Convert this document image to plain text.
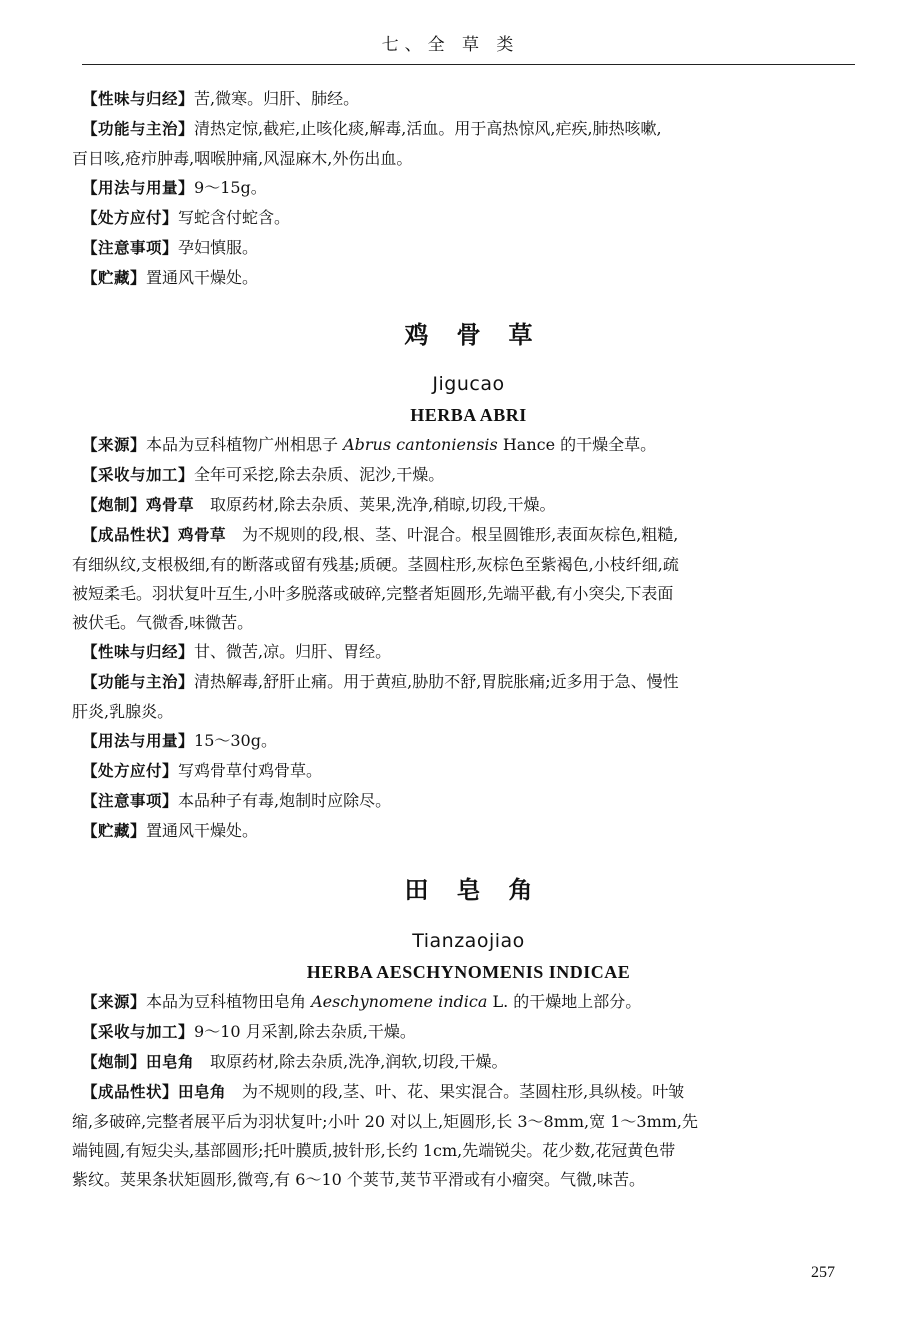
七、全 草 类

【性味与归经】苦,微寒。归肝、肺经。

【功能与主治】清热定惊,截疟,止咳化痰,解毒,活血。用于高热惊风,疟疾,肺热咳嗽,
百日咳,疮疖肿毒,咽喉肿痛,风湿麻木,外伤出血。

【用法与用量】9～15g。

【处方应付】写蛇含付蛇含。

【注意事项】孕妇慎服。

【贮藏】置通风干燥处。

鸡骨草

Jigucao

HERBA ABRI

【来源】本品为豆科植物广州相思子 Abrus cantoniensis Hance 的干燥全草。

【采收与加工】全年可采挖,除去杂质、泥沙,干燥。

【炮制】鸡骨草　取原药材,除去杂质、荚果,洗净,稍晾,切段,干燥。

【成品性状】鸡骨草　为不规则的段,根、茎、叶混合。根呈圆锥形,表面灰棕色,粗糙,
有细纵纹,支根极细,有的断落或留有残基;质硬。茎圆柱形,灰棕色至紫褐色,小枝纤细,疏
被短柔毛。羽状复叶互生,小叶多脱落或破碎,完整者矩圆形,先端平截,有小突尖,下表面
被伏毛。气微香,味微苦。

【性味与归经】甘、微苦,凉。归肝、胃经。

【功能与主治】清热解毒,舒肝止痛。用于黄疸,胁肋不舒,胃脘胀痛;近多用于急、慢性
肝炎,乳腺炎。

【用法与用量】15～30g。

【处方应付】写鸡骨草付鸡骨草。

【注意事项】本品种子有毒,炮制时应除尽。

【贮藏】置通风干燥处。

田皂角

Tianzaojiao

HERBA AESCHYNOMENIS INDICAE

【来源】本品为豆科植物田皂角 Aeschynomene indica L. 的干燥地上部分。

【采收与加工】9～10 月采割,除去杂质,干燥。

【炮制】田皂角　取原药材,除去杂质,洗净,润软,切段,干燥。

【成品性状】田皂角　为不规则的段,茎、叶、花、果实混合。茎圆柱形,具纵棱。叶皱
缩,多破碎,完整者展平后为羽状复叶;小叶 20 对以上,矩圆形,长 3～8mm,宽 1～3mm,先
端钝圆,有短尖头,基部圆形;托叶膜质,披针形,长约 1cm,先端锐尖。花少数,花冠黄色带
紫纹。荚果条状矩圆形,微弯,有 6～10 个荚节,荚节平滑或有小瘤突。气微,味苦。

257
